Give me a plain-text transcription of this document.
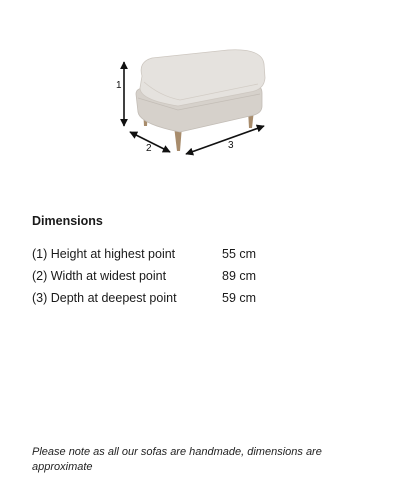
1
2	3
Dimensions
(1) Height at highest point	55 cm
(2) Width at widest point	89 cm
(3) Depth at deepest point	59 cm

Please note as all our sofas are handmade, dimensions are approximate
